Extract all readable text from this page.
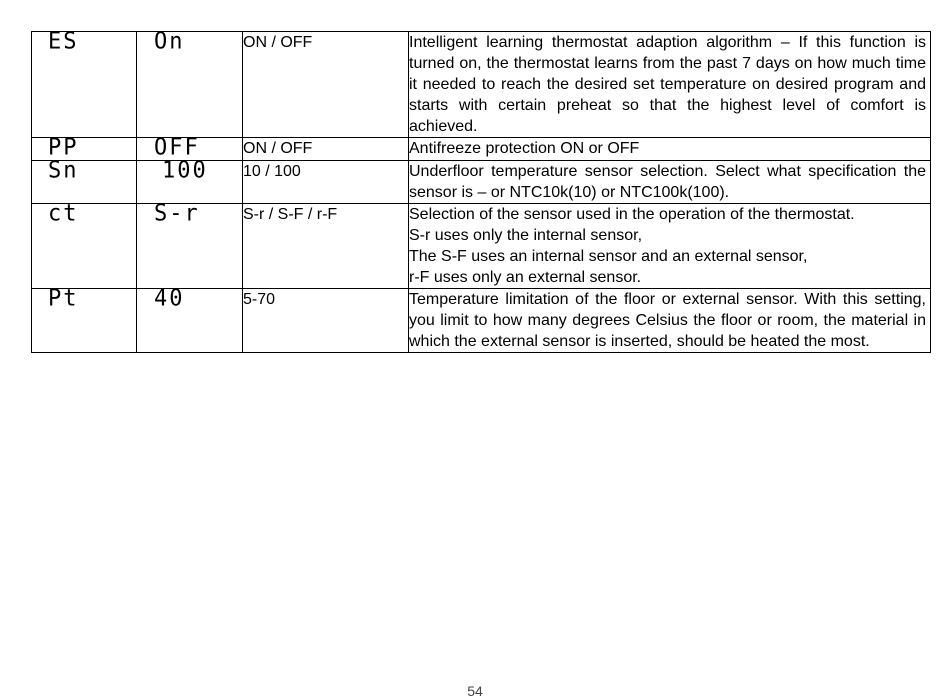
ES	On	ON / OFF	Intelligent learning thermostat adaption algorithm – If this function is turned on, the thermostat learns from the past 7 days on how much time it needed to reach the desired set temperature on desired program and starts with certain preheat so that the highest level of comfort is achieved.
PP	OFF	ON / OFF	Antifreeze protection ON or OFF
Sn	100	10 / 100	Underfloor temperature sensor selection. Select what specification the sensor is – or NTC10k(10) or NTC100k(100).
ct	S-r	S-r / S-F / r-F	Selection of the sensor used in the operation of the thermostat.
S-r uses only the internal sensor,
The S-F uses an internal sensor and an external sensor,
r-F uses only an external sensor.

Pt	40	5-70	Temperature limitation of the floor or external sensor. With this setting, you limit to how many degrees Celsius the floor or room, the material in which the external sensor is inserted, should be heated the most.
54
